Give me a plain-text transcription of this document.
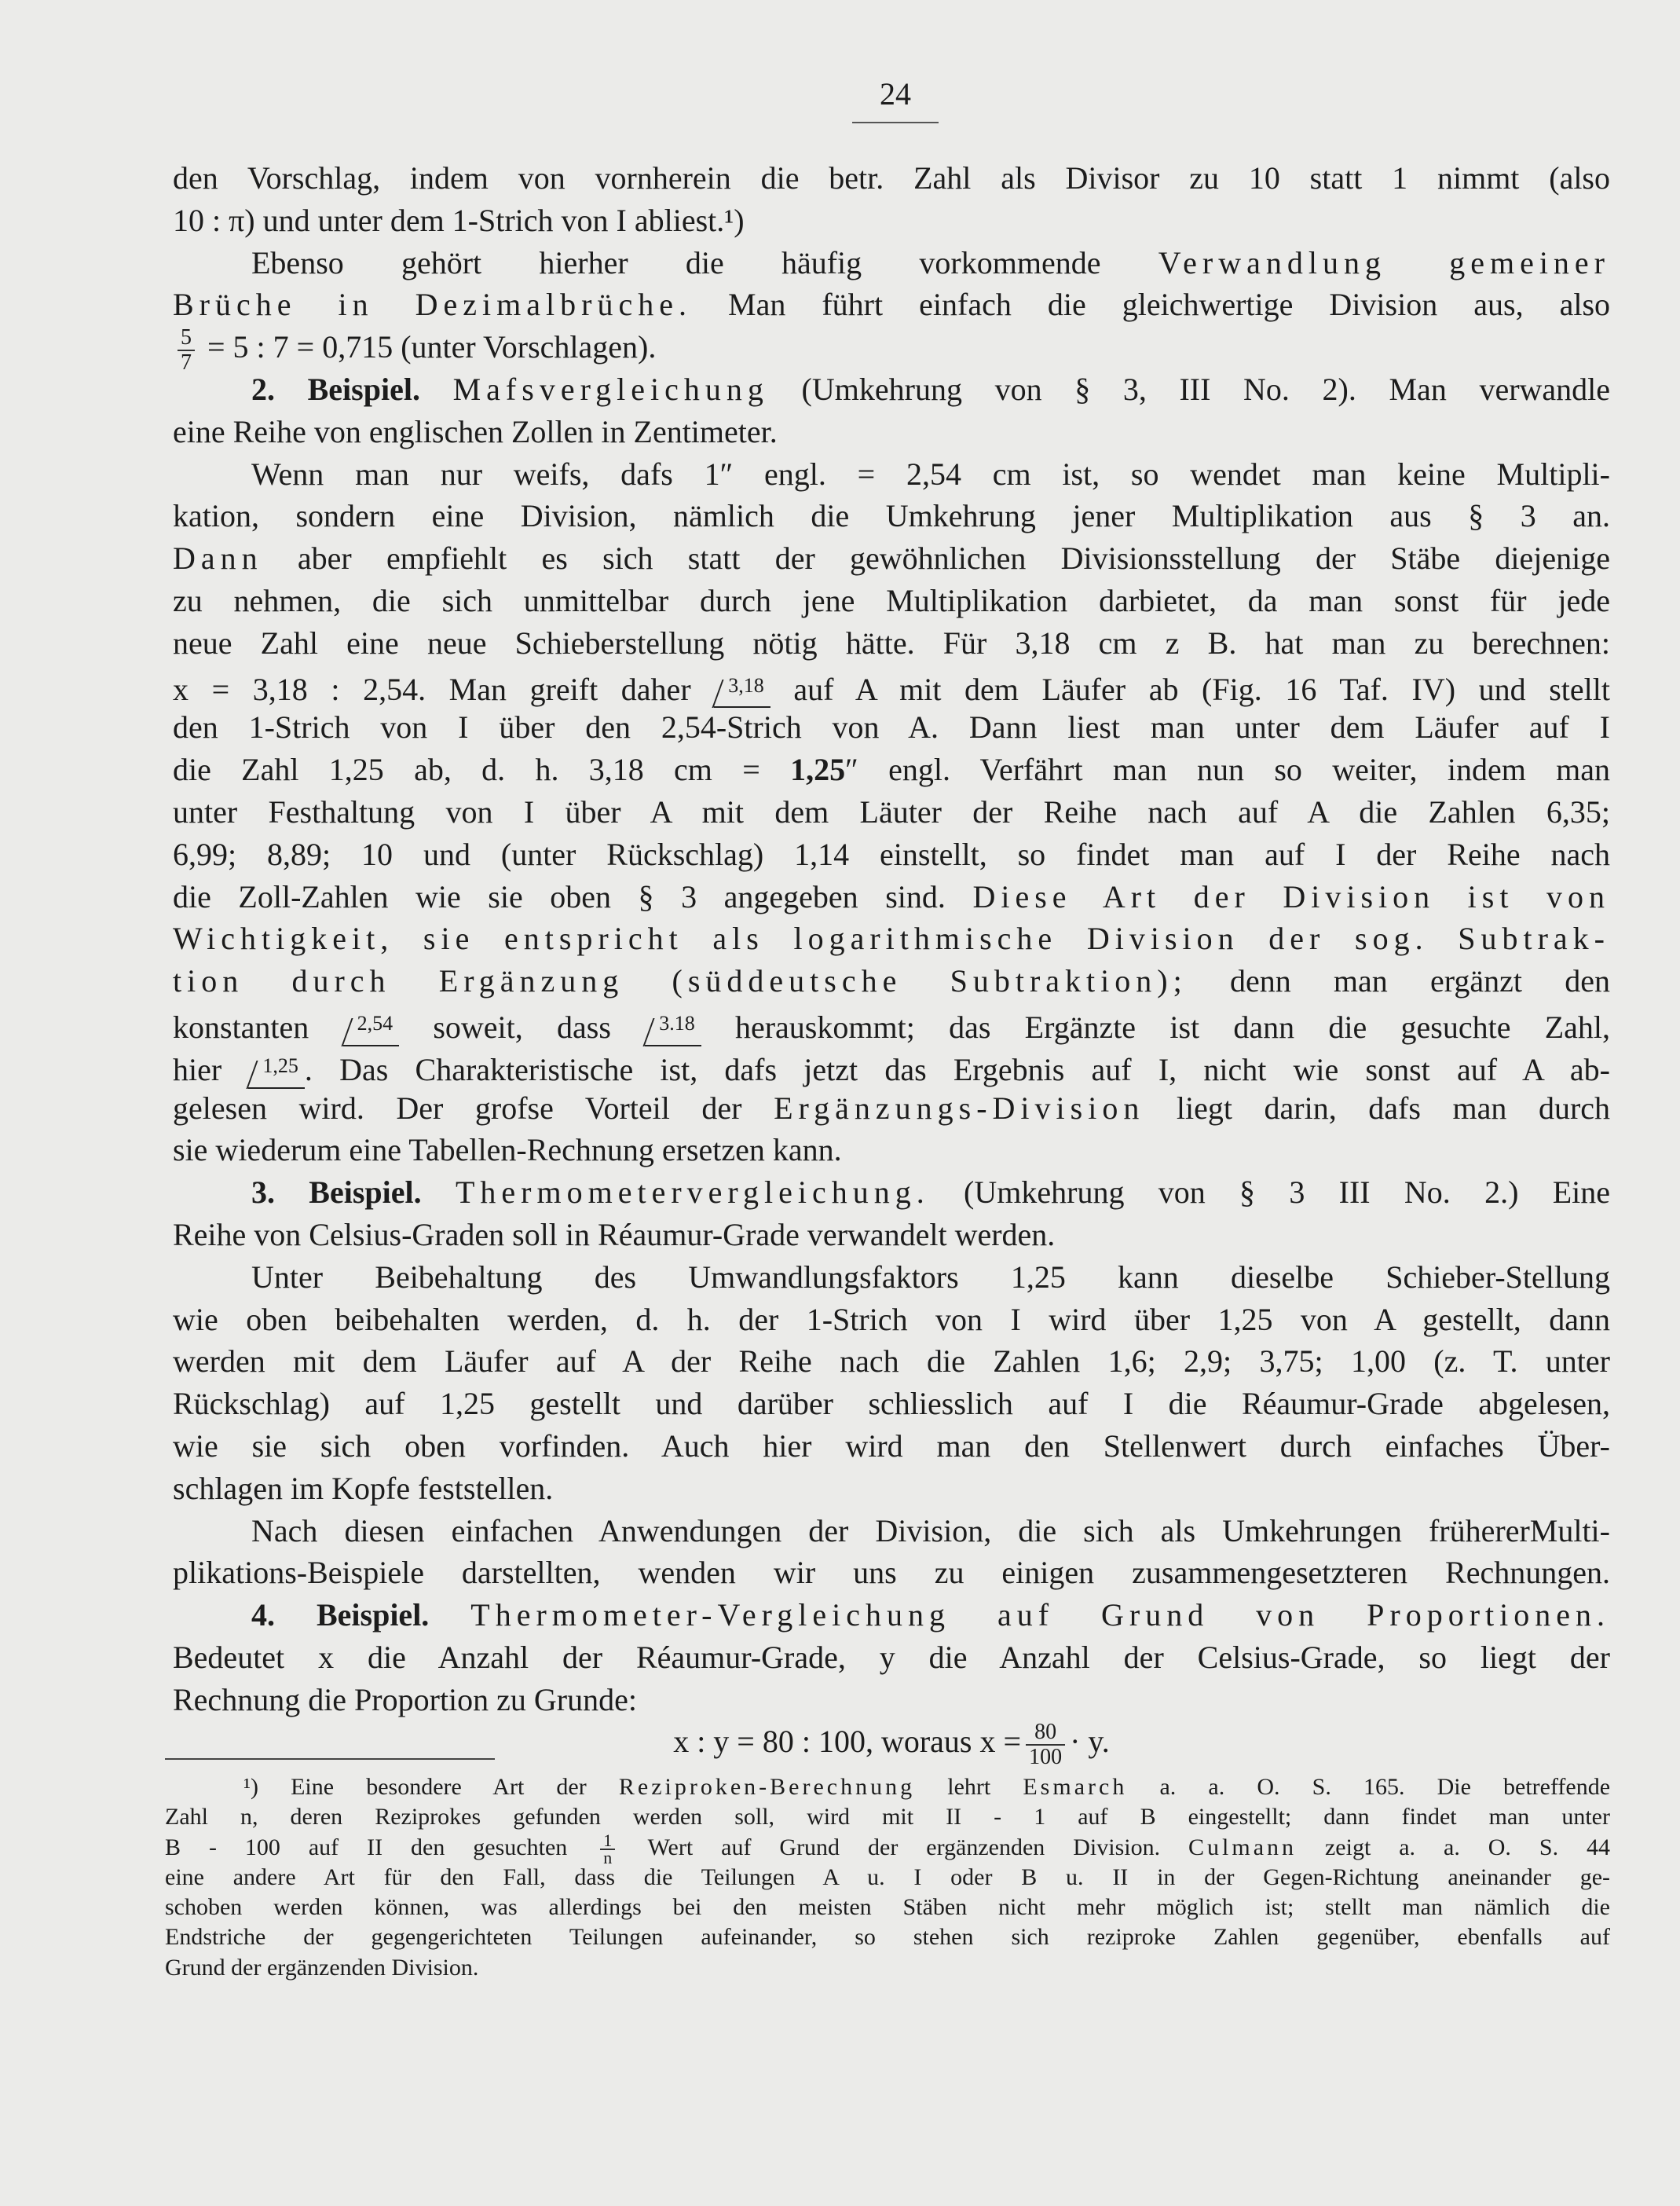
24
den Vorschlag, indem von vornherein die betr. Zahl als Divisor zu 10 statt 1 nimmt (also
10 : π) und unter dem 1-Strich von I abliest.¹)
Ebenso gehört hierher die häufig vorkommende Verwandlung gemeiner
Brüche in Dezimalbrüche. Man führt einfach die gleichwertige Division aus, also
$\frac{5}{7} = 5$ : 7 = 0,715 (unter Vorschlagen).
2. Beispiel. Mafsvergleichung (Umkehrung von § 3, III No. 2). Man verwandle
eine Reihe von englischen Zollen in Zentimeter.
Wenn man nur weifs, dafs 1″ engl. = 2,54 cm ist, so wendet man keine Multipli-
kation, sondern eine Division, nämlich die Umkehrung jener Multiplikation aus § 3 an.
Dann aber empfiehlt es sich statt der gewöhnlichen Divisionsstellung der Stäbe diejenige
zu nehmen, die sich unmittelbar durch jene Multiplikation darbietet, da man sonst für jede
neue Zahl eine neue Schieberstellung nötig hätte. Für 3,18 cm z B. hat man zu berechnen:
x = 3,18 : 2,54. Man greift daher 3,18 auf A mit dem Läufer ab (Fig. 16 Taf. IV) und stellt
den 1-Strich von I über den 2,54-Strich von A. Dann liest man unter dem Läufer auf I
die Zahl 1,25 ab, d. h. 3,18 cm = 1,25″ engl. Verfährt man nun so weiter, indem man
unter Festhaltung von I über A mit dem Läuter der Reihe nach auf A die Zahlen 6,35;
6,99; 8,89; 10 und (unter Rückschlag) 1,14 einstellt, so findet man auf I der Reihe nach
die Zoll-Zahlen wie sie oben § 3 angegeben sind. Diese Art der Division ist von
Wichtigkeit, sie entspricht als logarithmische Division der sog. Subtrak-
tion durch Ergänzung (süddeutsche Subtraktion); denn man ergänzt den
konstanten 2,54 soweit, dass 3.18 herauskommt; das Ergänzte ist dann die gesuchte Zahl,
hier 1,25 . Das Charakteristische ist, dafs jetzt das Ergebnis auf I, nicht wie sonst auf A ab-
gelesen wird. Der grofse Vorteil der Ergänzungs-Division liegt darin, dafs man durch
sie wiederum eine Tabellen-Rechnung ersetzen kann.
3. Beispiel. Thermometervergleichung. (Umkehrung von § 3 III No. 2.) Eine
Reihe von Celsius-Graden soll in Réaumur-Grade verwandelt werden.
Unter Beibehaltung des Umwandlungsfaktors 1,25 kann dieselbe Schieber-Stellung
wie oben beibehalten werden, d. h. der 1-Strich von I wird über 1,25 von A gestellt, dann
werden mit dem Läufer auf A der Reihe nach die Zahlen 1,6; 2,9; 3,75; 1,00 (z. T. unter
Rückschlag) auf 1,25 gestellt und darüber schliesslich auf I die Réaumur-Grade abgelesen,
wie sie sich oben vorfinden. Auch hier wird man den Stellenwert durch einfaches Über-
schlagen im Kopfe feststellen.
Nach diesen einfachen Anwendungen der Division, die sich als Umkehrungen frühererMulti-
plikations-Beispiele darstellten, wenden wir uns zu einigen zusammengesetzteren Rechnungen.
4. Beispiel. Thermometer-Vergleichung auf Grund von Proportionen.
Bedeutet x die Anzahl der Réaumur-Grade, y die Anzahl der Celsius-Grade, so liegt der
Rechnung die Proportion zu Grunde:
x : y = 80 : 100, woraus $x = \frac{80}{100} \cdot y$.
¹) Eine besondere Art der Reziproken-Berechnung lehrt Esmarch a. a. O. S. 165. Die betreffende
Zahl n, deren Reziprokes gefunden werden soll, wird mit II - 1 auf B eingestellt; dann findet man unter
B - 100 auf II den gesuchten $\frac{1}{n}$ Wert auf Grund der ergänzenden Division. Culmann zeigt a. a. O. S. 44
eine andere Art für den Fall, dass die Teilungen A u. I oder B u. II in der Gegen-Richtung aneinander ge-
schoben werden können, was allerdings bei den meisten Stäben nicht mehr möglich ist; stellt man nämlich die
Endstriche der gegengerichteten Teilungen aufeinander, so stehen sich reziproke Zahlen gegenüber, ebenfalls auf
Grund der ergänzenden Division.
